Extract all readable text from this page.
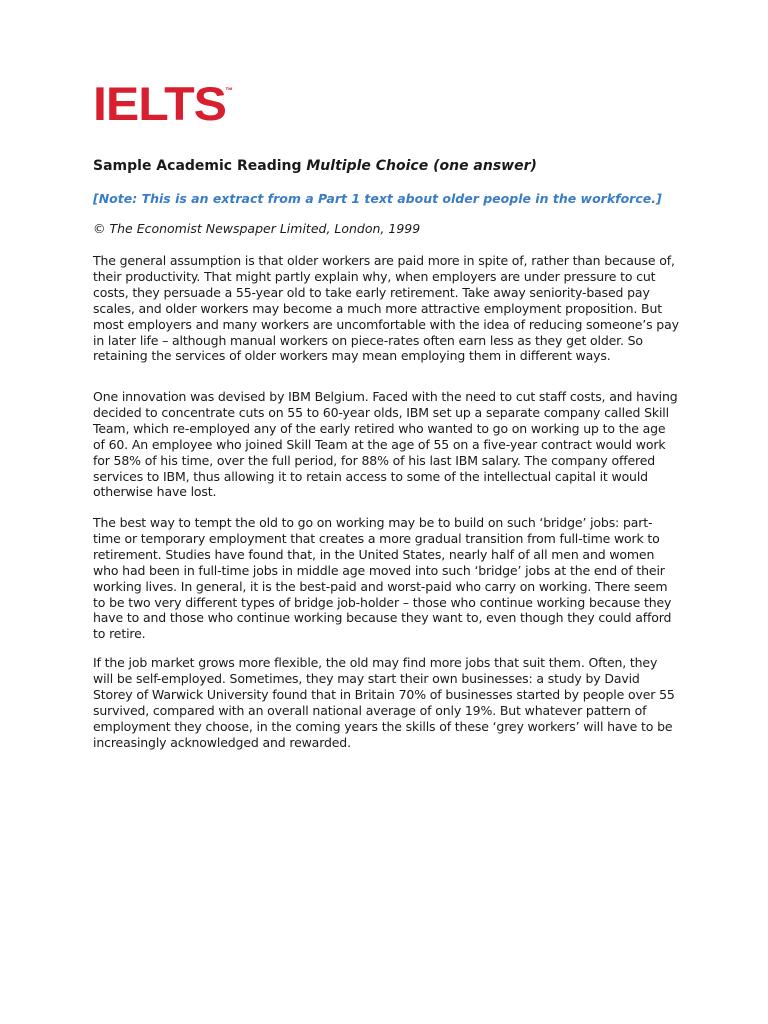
IELTS ™
Sample Academic Reading Multiple Choice (one answer)
[Note: This is an extract from a Part 1 text about older people in the workforce.]
© The Economist Newspaper Limited, London, 1999

The general assumption is that older workers are paid more in spite of, rather than because of, their productivity. That might partly explain why, when employers are under pressure to cut costs, they persuade a 55-year old to take early retirement. Take away seniority-based pay scales, and older workers may become a much more attractive employment proposition. But most employers and many workers are uncomfortable with the idea of reducing someone’s pay in later life – although manual workers on piece-rates often earn less as they get older. So retaining the services of older workers may mean employing them in different ways.

One innovation was devised by IBM Belgium. Faced with the need to cut staff costs, and having decided to concentrate cuts on 55 to 60-year olds, IBM set up a separate company called Skill Team, which re-employed any of the early retired who wanted to go on working up to the age of 60. An employee who joined Skill Team at the age of 55 on a five-year contract would work for 58% of his time, over the full period, for 88% of his last IBM salary. The company offered services to IBM, thus allowing it to retain access to some of the intellectual capital it would otherwise have lost.

The best way to tempt the old to go on working may be to build on such ‘bridge’ jobs: part-time or temporary employment that creates a more gradual transition from full-time work to retirement. Studies have found that, in the United States, nearly half of all men and women who had been in full-time jobs in middle age moved into such ‘bridge’ jobs at the end of their working lives. In general, it is the best-paid and worst-paid who carry on working. There seem to be two very different types of bridge job-holder – those who continue working because they have to and those who continue working because they want to, even though they could afford to retire.

If the job market grows more flexible, the old may find more jobs that suit them. Often, they will be self-employed. Sometimes, they may start their own businesses: a study by David Storey of Warwick University found that in Britain 70% of businesses started by people over 55 survived, compared with an overall national average of only 19%. But whatever pattern of employment they choose, in the coming years the skills of these ‘grey workers’ will have to be increasingly acknowledged and rewarded.
